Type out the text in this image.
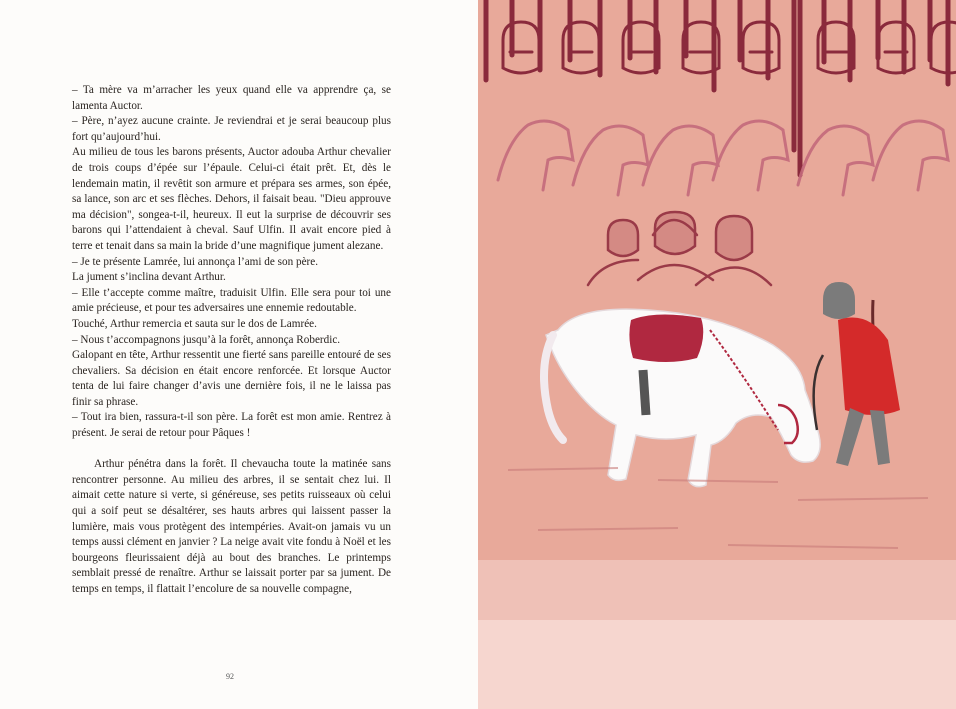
– Ta mère va m’arracher les yeux quand elle va apprendre ça, se lamenta Auctor.

– Père, n’ayez aucune crainte. Je reviendrai et je serai beaucoup plus fort qu’aujourd’hui.

Au milieu de tous les barons présents, Auctor adouba Arthur chevalier de trois coups d’épée sur l’épaule. Celui-ci était prêt. Et, dès le lendemain matin, il revêtit son armure et prépara ses armes, son épée, sa lance, son arc et ses flèches. Dehors, il faisait beau. "Dieu approuve ma décision", songea-t-il, heureux. Il eut la surprise de découvrir ses barons qui l’attendaient à cheval. Sauf Ulfin. Il avait encore pied à terre et tenait dans sa main la bride d’une magnifique jument alezane.

– Je te présente Lamrée, lui annonça l’ami de son père.

La jument s’inclina devant Arthur.

– Elle t’accepte comme maître, traduisit Ulfin. Elle sera pour toi une amie précieuse, et pour tes adversaires une ennemie redoutable.

Touché, Arthur remercia et sauta sur le dos de Lamrée.

– Nous t’accompagnons jusqu’à la forêt, annonça Roberdic.

Galopant en tête, Arthur ressentit une fierté sans pareille entouré de ses chevaliers. Sa décision en était encore renforcée. Et lorsque Auctor tenta de lui faire changer d’avis une dernière fois, il ne le laissa pas finir sa phrase.

– Tout ira bien, rassura-t-il son père. La forêt est mon amie. Rentrez à présent. Je serai de retour pour Pâques !

Arthur pénétra dans la forêt. Il chevaucha toute la matinée sans rencontrer personne. Au milieu des arbres, il se sentait chez lui. Il aimait cette nature si verte, si généreuse, ses petits ruisseaux où celui qui a soif peut se désaltérer, ses hauts arbres qui laissent passer la lumière, mais vous protègent des intempéries. Avait-on jamais vu un temps aussi clément en janvier ? La neige avait vite fondu à Noël et les bourgeons fleurissaient déjà au bout des branches. Le printemps semblait pressé de renaître. Arthur se laissait porter par sa jument. De temps en temps, il flattait l’encolure de sa nouvelle compagne,

92
